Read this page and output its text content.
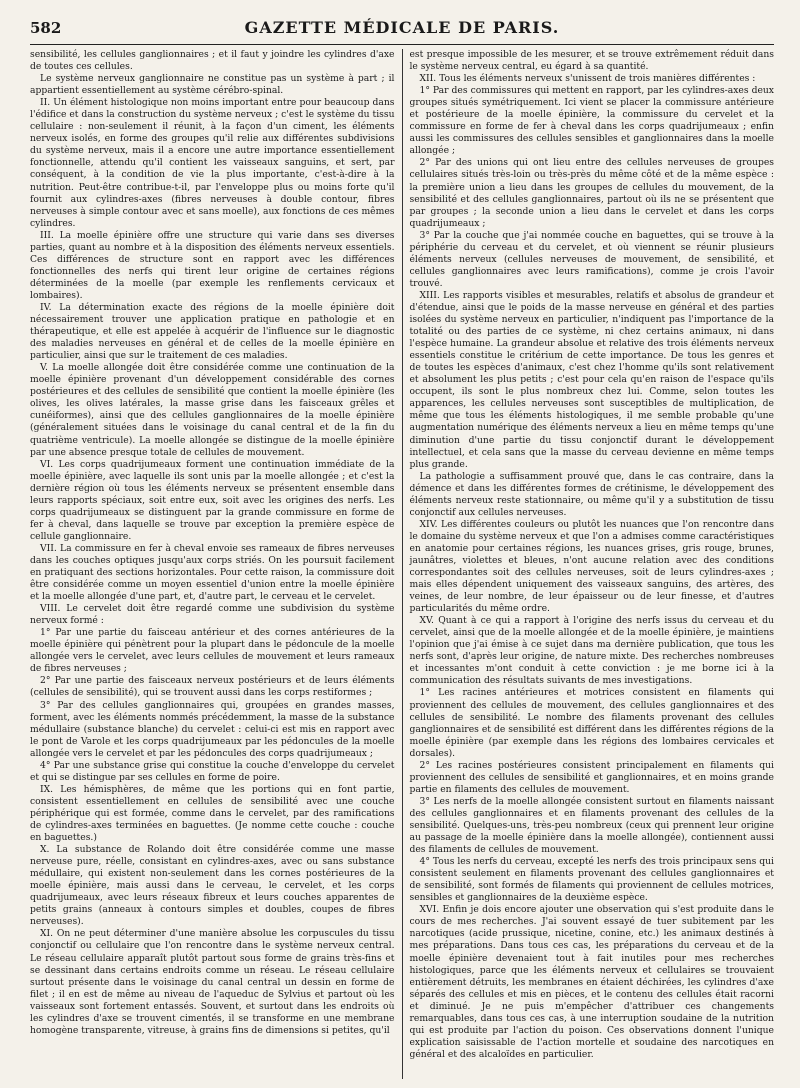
582	GAZETTE MÉDICALE DE PARIS.

sensibilité, les cellules ganglionnaires ; et il faut y joindre les cylindres d'axe de toutes ces cellules.

Le système nerveux ganglionnaire ne constitue pas un système à part ; il appartient essentiellement au système cérébro-spinal.

II. Un élément histologique non moins important entre pour beaucoup dans l'édifice et dans la construction du système nerveux ; c'est le système du tissu cellulaire : non-seulement il réunit, à la façon d'un ciment, les éléments nerveux isolés, en forme des groupes qu'il relie aux différentes subdivisions du système nerveux, mais il a encore une autre importance essentiellement fonctionnelle, attendu qu'il contient les vaisseaux sanguins, et sert, par conséquent, à la condition de vie la plus importante, c'est-à-dire à la nutrition. Peut-être contribue-t-il, par l'enveloppe plus ou moins forte qu'il fournit aux cylindres-axes (fibres nerveuses à double contour, fibres nerveuses à simple contour avec et sans moelle), aux fonctions de ces mêmes cylindres.

III. La moelle épinière offre une structure qui varie dans ses diverses parties, quant au nombre et à la disposition des éléments nerveux essentiels. Ces différences de structure sont en rapport avec les différences fonctionnelles des nerfs qui tirent leur origine de certaines régions déterminées de la moelle (par exemple les renflements cervicaux et lombaires).

IV. La détermination exacte des régions de la moelle épinière doit nécessairement trouver une application pratique en pathologie et en thérapeutique, et elle est appelée à acquérir de l'influence sur le diagnostic des maladies nerveuses en général et de celles de la moelle épinière en particulier, ainsi que sur le traitement de ces maladies.

V. La moelle allongée doit être considérée comme une continuation de la moelle épinière provenant d'un développement considérable des cornes postérieures et des cellules de sensibilité que contient la moelle épinière (les olives, les olives latérales, la masse grise dans les faisceaux grêles et cunéiformes), ainsi que des cellules ganglionnaires de la moelle épinière (généralement situées dans le voisinage du canal central et de la fin du quatrième ventricule). La moelle allongée se distingue de la moelle épinière par une absence presque totale de cellules de mouvement.

VI. Les corps quadrijumeaux forment une continuation immédiate de la moelle épinière, avec laquelle ils sont unis par la moelle allongée ; et c'est la dernière région où tous les éléments nerveux se présentent ensemble dans leurs rapports spéciaux, soit entre eux, soit avec les origines des nerfs. Les corps quadrijumeaux se distinguent par la grande commissure en forme de fer à cheval, dans laquelle se trouve par exception la première espèce de cellule ganglionnaire.

VII. La commissure en fer à cheval envoie ses rameaux de fibres nerveuses dans les couches optiques jusqu'aux corps striés. On les poursuit facilement en pratiquant des sections horizontales. Pour cette raison, la commissure doit être considérée comme un moyen essentiel d'union entre la moelle épinière et la moelle allongée d'une part, et, d'autre part, le cerveau et le cervelet.

VIII. Le cervelet doit être regardé comme une subdivision du système nerveux formé :

1° Par une partie du faisceau antérieur et des cornes antérieures de la moelle épinière qui pénètrent pour la plupart dans le pédoncule de la moelle allongée vers le cervelet, avec leurs cellules de mouvement et leurs rameaux de fibres nerveuses ;

2° Par une partie des faisceaux nerveux postérieurs et de leurs éléments (cellules de sensibilité), qui se trouvent aussi dans les corps restiformes ;

3° Par des cellules ganglionnaires qui, groupées en grandes masses, forment, avec les éléments nommés précédemment, la masse de la substance médullaire (substance blanche) du cervelet : celui-ci est mis en rapport avec le pont de Varole et les corps quadrijumeaux par les pédoncules de la moelle allongée vers le cervelet et par les pédoncules des corps quadrijumeaux ;

4° Par une substance grise qui constitue la couche d'enveloppe du cervelet et qui se distingue par ses cellules en forme de poire.

IX. Les hémisphères, de même que les portions qui en font partie, consistent essentiellement en cellules de sensibilité avec une couche périphérique qui est formée, comme dans le cervelet, par des ramifications de cylindres-axes terminées en baguettes. (Je nomme cette couche : couche en baguettes.)

X. La substance de Rolando doit être considérée comme une masse nerveuse pure, réelle, consistant en cylindres-axes, avec ou sans substance médullaire, qui existent non-seulement dans les cornes postérieures de la moelle épinière, mais aussi dans le cerveau, le cervelet, et les corps quadrijumeaux, avec leurs réseaux fibreux et leurs couches apparentes de petits grains (anneaux à contours simples et doubles, coupes de fibres nerveuses).

XI. On ne peut déterminer d'une manière absolue les corpuscules du tissu conjonctif ou cellulaire que l'on rencontre dans le système nerveux central. Le réseau cellulaire apparaît plutôt partout sous forme de grains très-fins et se dessinant dans certains endroits comme un réseau. Le réseau cellulaire surtout présente dans le voisinage du canal central un dessin en forme de filet ; il en est de même au niveau de l'aqueduc de Sylvius et partout où les vaisseaux sont fortement entassés. Souvent, et surtout dans les endroits où les cylindres d'axe se trouvent cimentés, il se transforme en une membrane homogène transparente, vitreuse, à grains fins de dimensions si petites, qu'il

est presque impossible de les mesurer, et se trouve extrêmement réduit dans le système nerveux central, eu égard à sa quantité.

XII. Tous les éléments nerveux s'unissent de trois manières différentes :

1° Par des commissures qui mettent en rapport, par les cylindres-axes deux groupes situés symétriquement. Ici vient se placer la commissure antérieure et postérieure de la moelle épinière, la commissure du cervelet et la commissure en forme de fer à cheval dans les corps quadrijumeaux ; enfin aussi les commissures des cellules sensibles et ganglionnaires dans la moelle allongée ;

2° Par des unions qui ont lieu entre des cellules nerveuses de groupes cellulaires situés très-loin ou très-près du même côté et de la même espèce : la première union a lieu dans les groupes de cellules du mouvement, de la sensibilité et des cellules ganglionnaires, partout où ils ne se présentent que par groupes ; la seconde union a lieu dans le cervelet et dans les corps quadrijumeaux ;

3° Par la couche que j'ai nommée couche en baguettes, qui se trouve à la périphérie du cerveau et du cervelet, et où viennent se réunir plusieurs éléments nerveux (cellules nerveuses de mouvement, de sensibilité, et cellules ganglionnaires avec leurs ramifications), comme je crois l'avoir trouvé.

XIII. Les rapports visibles et mesurables, relatifs et absolus de grandeur et d'étendue, ainsi que le poids de la masse nerveuse en général et des parties isolées du système nerveux en particulier, n'indiquent pas l'importance de la totalité ou des parties de ce système, ni chez certains animaux, ni dans l'espèce humaine. La grandeur absolue et relative des trois éléments nerveux essentiels constitue le critérium de cette importance. De tous les genres et de toutes les espèces d'animaux, c'est chez l'homme qu'ils sont relativement et absolument les plus petits ; c'est pour cela qu'en raison de l'espace qu'ils occupent, ils sont le plus nombreux chez lui. Comme, selon toutes les apparences, les cellules nerveuses sont susceptibles de multiplication, de même que tous les éléments histologiques, il me semble probable qu'une augmentation numérique des éléments nerveux a lieu en même temps qu'une diminution d'une partie du tissu conjonctif durant le développement intellectuel, et cela sans que la masse du cerveau devienne en même temps plus grande.

La pathologie a suffisamment prouvé que, dans le cas contraire, dans la démence et dans les différentes formes de crétinisme, le développement des éléments nerveux reste stationnaire, ou même qu'il y a substitution de tissu conjonctif aux cellules nerveuses.

XIV. Les différentes couleurs ou plutôt les nuances que l'on rencontre dans le domaine du système nerveux et que l'on a admises comme caractéristiques en anatomie pour certaines régions, les nuances grises, gris rouge, brunes, jaunâtres, violettes et bleues, n'ont aucune relation avec des conditions correspondantes soit des cellules nerveuses, soit de leurs cylindres-axes ; mais elles dépendent uniquement des vaisseaux sanguins, des artères, des veines, de leur nombre, de leur épaisseur ou de leur finesse, et d'autres particularités du même ordre.

XV. Quant à ce qui a rapport à l'origine des nerfs issus du cerveau et du cervelet, ainsi que de la moelle allongée et de la moelle épinière, je maintiens l'opinion que j'ai émise à ce sujet dans ma dernière publication, que tous les nerfs sont, d'après leur origine, de nature mixte. Des recherches nombreuses et incessantes m'ont conduit à cette conviction : je me borne ici à la communication des résultats suivants de mes investigations.

1° Les racines antérieures et motrices consistent en filaments qui proviennent des cellules de mouvement, des cellules ganglionnaires et des cellules de sensibilité. Le nombre des filaments provenant des cellules ganglionnaires et de sensibilité est différent dans les différentes régions de la moelle épinière (par exemple dans les régions des lombaires cervicales et dorsales).

2° Les racines postérieures consistent principalement en filaments qui proviennent des cellules de sensibilité et ganglionnaires, et en moins grande partie en filaments des cellules de mouvement.

3° Les nerfs de la moelle allongée consistent surtout en filaments naissant des cellules ganglionnaires et en filaments provenant des cellules de la sensibilité. Quelques-uns, très-peu nombreux (ceux qui prennent leur origine au passage de la moelle épinière dans la moelle allongée), contiennent aussi des filaments de cellules de mouvement.

4° Tous les nerfs du cerveau, excepté les nerfs des trois principaux sens qui consistent seulement en filaments provenant des cellules ganglionnaires et de sensibilité, sont formés de filaments qui proviennent de cellules motrices, sensibles et ganglionnaires de la deuxième espèce.

XVI. Enfin je dois encore ajouter une observation qui s'est produite dans le cours de mes recherches. J'ai souvent essayé de tuer subitement par les narcotiques (acide prussique, nicetine, conine, etc.) les animaux destinés à mes préparations. Dans tous ces cas, les préparations du cerveau et de la moelle épinière devenaient tout à fait inutiles pour mes recherches histologiques, parce que les éléments nerveux et cellulaires se trouvaient entièrement détruits, les membranes en étaient déchirées, les cylindres d'axe séparés des cellules et mis en pièces, et le contenu des cellules était racorni et diminué. Je ne puis m'empêcher d'attribuer ces changements remarquables, dans tous ces cas, à une interruption soudaine de la nutrition qui est produite par l'action du poison. Ces observations donnent l'unique explication saisissable de l'action mortelle et soudaine des narcotiques en général et des alcaloïdes en particulier.
